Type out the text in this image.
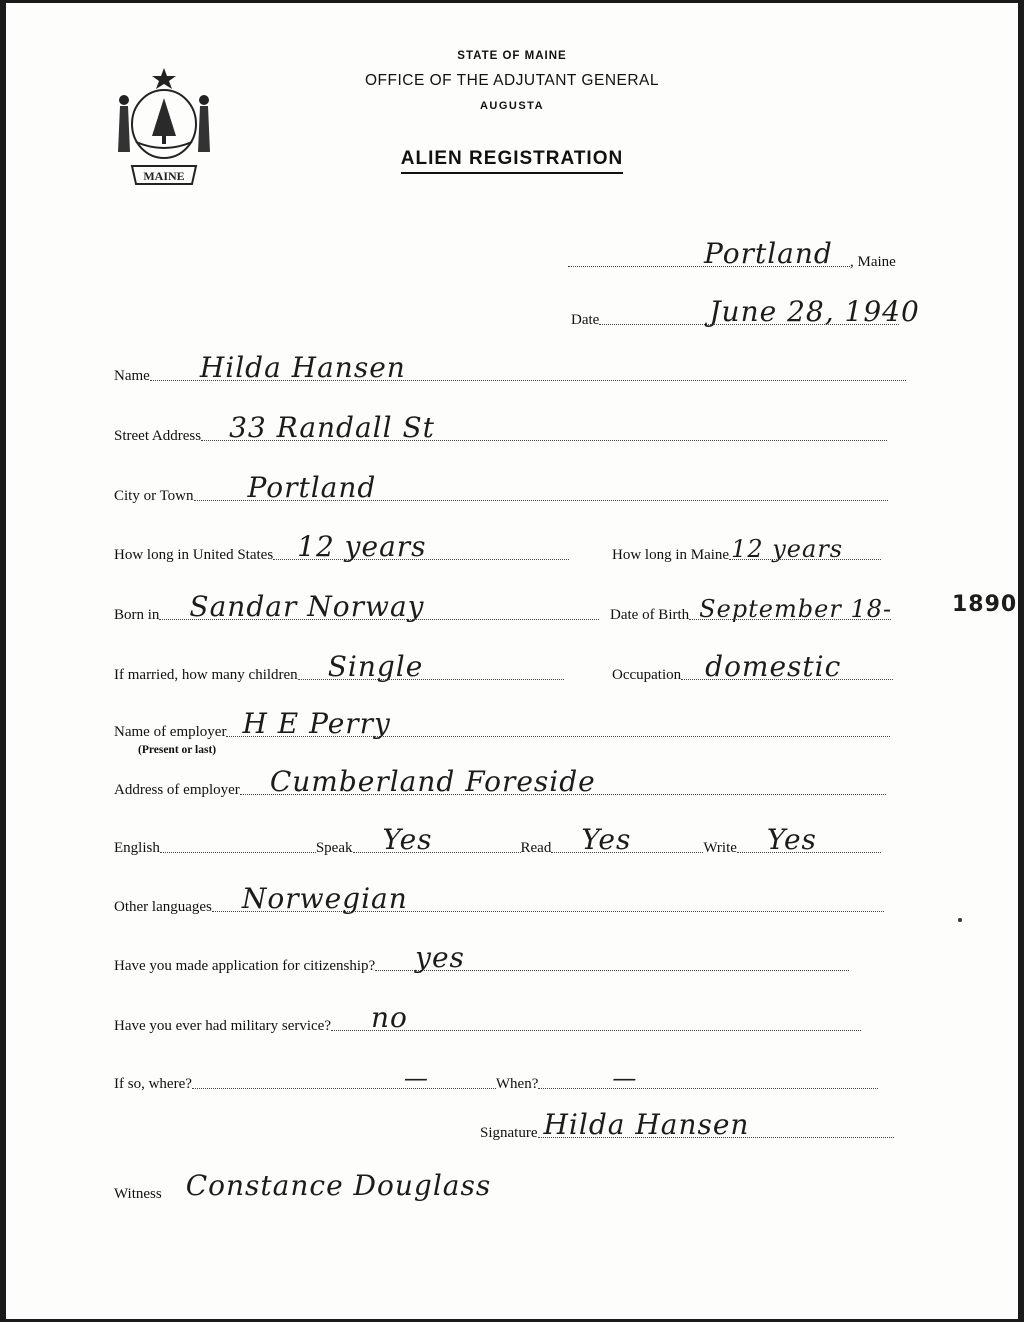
MAINE

STATE OF MAINE

OFFICE OF THE ADJUTANT GENERAL

AUGUSTA

ALIEN REGISTRATION

Portland , Maine
Date	June 28, 1940
Name Hilda Hansen
Street Address 33 Randall St
City or Town Portland
How long in United States 12 years	How long in Maine 12 years
Born in Sandar Norway	Date of Birth September 18-	1890
If married, how many children Single	Occupation domestic
Name of employer H E Perry
(Present or last)
Address of employer Cumberland Foreside
English	Speak Yes	Read Yes	Write Yes
Other languages Norwegian
Have you made application for citizenship? yes
Have you ever had military service? no
If so, where?	—	When?	—
Signature Hilda Hansen
Witness Constance Douglass
